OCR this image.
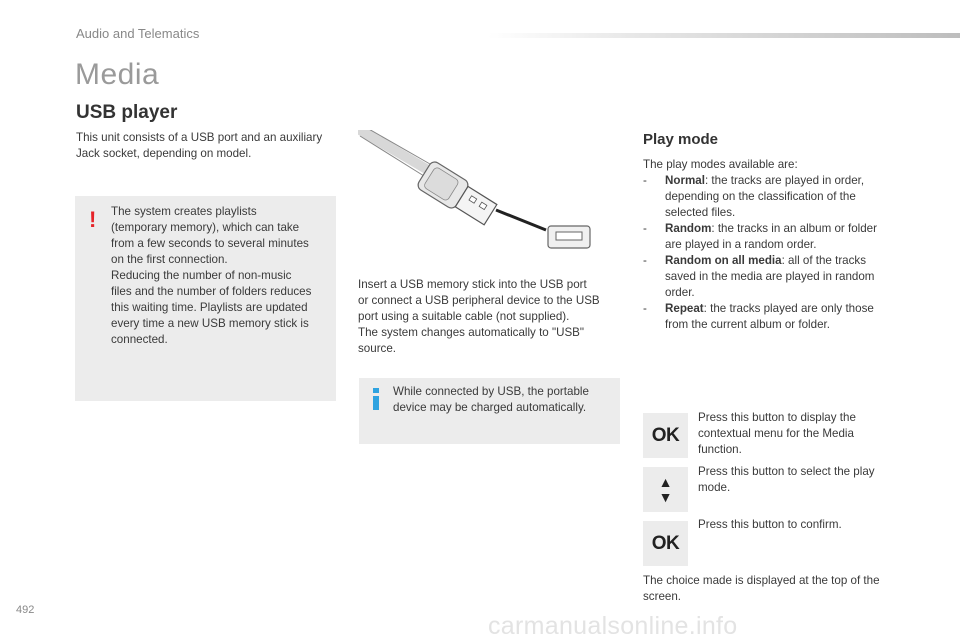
Audio and Telematics
Media
USB player

This unit consists of a USB port and an auxiliary Jack socket, depending on model.

! The system creates playlists
(temporary memory), which can take
from a few seconds to several minutes
on the first connection.
Reducing the number of non-music
files and the number of folders reduces
this waiting time. Playlists are updated
every time a new USB memory stick is
connected.
Insert a USB memory stick into the USB port
or connect a USB peripheral device to the USB
port using a suitable cable (not supplied).
The system changes automatically to "USB"
source.
While connected by USB, the portable
device may be charged automatically.
Play mode
The play modes available are:
- Normal: the tracks are played in order,
depending on the classification of the
selected files.
- Random: the tracks in an album or folder
are played in a random order.
- Random on all media: all of the tracks
saved in the media are played in random
order.
- Repeat: the tracks played are only those
from the current album or folder.
OK
Press this button to display the
contextual menu for the Media
function.
▲
▼
Press this button to select the play
mode.
OK
Press this button to confirm.
The choice made is displayed at the top of the
screen.
492
carmanualsonline.info
